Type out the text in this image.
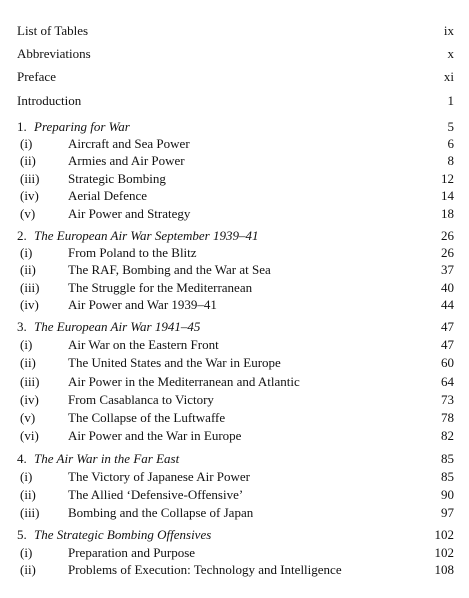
List of Tables	ix
Abbreviations	x
Preface	xi
Introduction	1
1. Preparing for War	5
(i)	Aircraft and Sea Power	6
(ii) Armies and Air Power	8
(iii) Strategic Bombing	12
(iv) Aerial Defence	14
(v)	Air Power and Strategy	18
2. The European Air War September 1939–41	26
(i)	From Poland to the Blitz	26
(ii) The RAF, Bombing and the War at Sea	37
(iii) The Struggle for the Mediterranean	40
(iv) Air Power and War 1939–41	44
3. The European Air War 1941–45	47
(i)	Air War on the Eastern Front	47
(ii) The United States and the War in Europe	60
(iii) Air Power in the Mediterranean and Atlantic	64
(iv) From Casablanca to Victory	73
(v)	The Collapse of the Luftwaffe	78
(vi) Air Power and the War in Europe	82
4. The Air War in the Far East	85
(i)	The Victory of Japanese Air Power	85
(ii) The Allied ‘Defensive-Offensive’	90
(iii) Bombing and the Collapse of Japan	97
5. The Strategic Bombing Offensives	102
(i)	Preparation and Purpose	102
(ii) Problems of Execution: Technology and Intelligence	108
